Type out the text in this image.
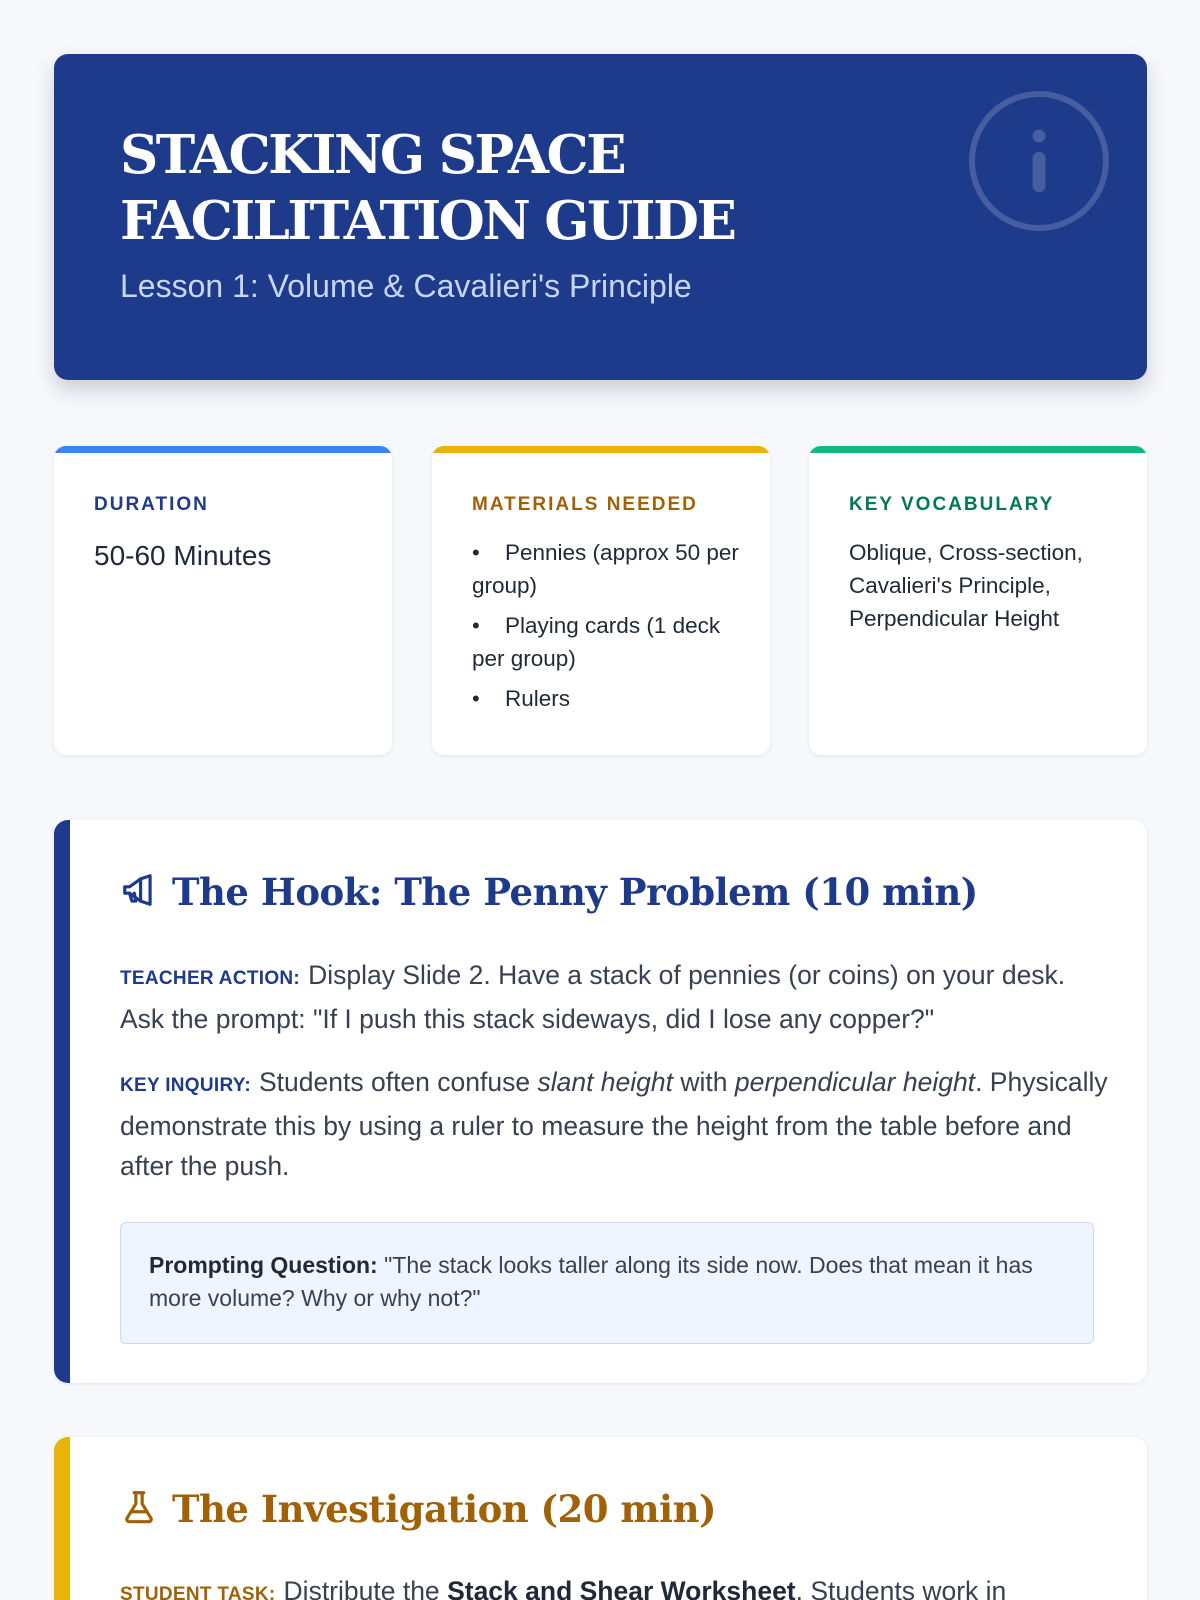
STACKING SPACE FACILITATION GUIDE
Lesson 1: Volume & Cavalieri's Principle
DURATION
50-60 Minutes
MATERIALS NEEDED
• Pennies (approx 50 per group)
• Playing cards (1 deck per group)
• Rulers
KEY VOCABULARY
Oblique, Cross-section, Cavalieri's Principle, Perpendicular Height
The Hook: The Penny Problem (10 min)
TEACHER ACTION: Display Slide 2. Have a stack of pennies (or coins) on your desk. Ask the prompt: "If I push this stack sideways, did I lose any copper?"
KEY INQUIRY: Students often confuse slant height with perpendicular height. Physically demonstrate this by using a ruler to measure the height from the table before and after the push.
Prompting Question: "The stack looks taller along its side now. Does that mean it has more volume? Why or why not?"
The Investigation (20 min)
STUDENT TASK: Distribute the Stack and Shear Worksheet. Students work in
